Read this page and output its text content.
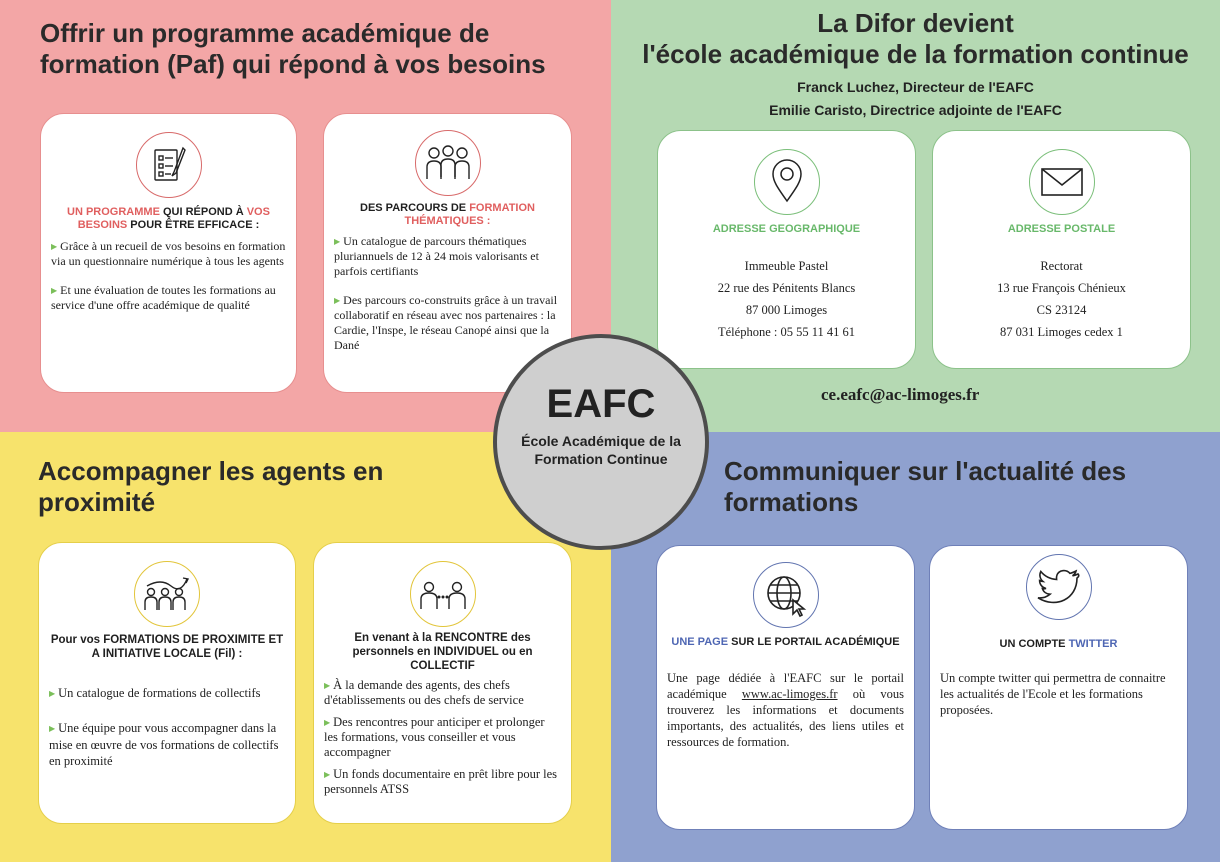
Offrir un programme académique de
formation (Paf) qui répond à vos besoins
UN PROGRAMME QUI RÉPOND À VOS BESOINS POUR ÊTRE EFFICACE :

▶ Grâce à un recueil de vos besoins en formation via un questionnaire numérique à tous les agents

▶ Et une évaluation de toutes les formations au service d'une offre académique de qualité

DES PARCOURS DE FORMATION THÉMATIQUES :

▶ Un catalogue de parcours thématiques pluriannuels de 12 à 24 mois valorisants et parfois certifiants

▶ Des parcours co-construits grâce à un travail collaboratif en réseau avec nos partenaires : la Cardie, l'Inspe, le réseau Canopé ainsi que la Dané

La Difor devient
l'école académique de la formation continue
Franck Luchez, Directeur de l'EAFC
Emilie Caristo, Directrice adjointe de l'EAFC
ADRESSE GEOGRAPHIQUE
Immeuble Pastel
22 rue des Pénitents Blancs
87 000 Limoges
Téléphone : 05 55 11 41 61
ADRESSE POSTALE
Rectorat
13 rue François Chénieux
CS 23124
87 031 Limoges cedex 1
ce.eafc@ac-limoges.fr
Accompagner les agents en
proximité
Pour vos FORMATIONS DE PROXIMITE ET A INITIATIVE LOCALE (Fil) :

▶ Un catalogue de formations de collectifs

▶ Une équipe pour vous accompagner dans la mise en œuvre de vos formations de collectifs en proximité

En venant à la RENCONTRE des personnels en INDIVIDUEL ou en COLLECTIF

▶ À la demande des agents, des chefs d'établissements ou des chefs de service

▶ Des rencontres pour anticiper et prolonger les formations, vous conseiller et vous accompagner

▶ Un fonds documentaire en prêt libre pour les personnels ATSS

Communiquer sur l'actualité des
formations
UNE PAGE SUR LE PORTAIL ACADÉMIQUE
Une page dédiée à l'EAFC sur le portail académique www.ac-limoges.fr où vous trouverez les informations et documents importants, des actualités, des liens utiles et ressources de formation.
UN COMPTE TWITTER
Un compte twitter qui permettra de connaitre les actualités de l'Ecole et les formations proposées.
EAFC
École Académique de la Formation Continue
